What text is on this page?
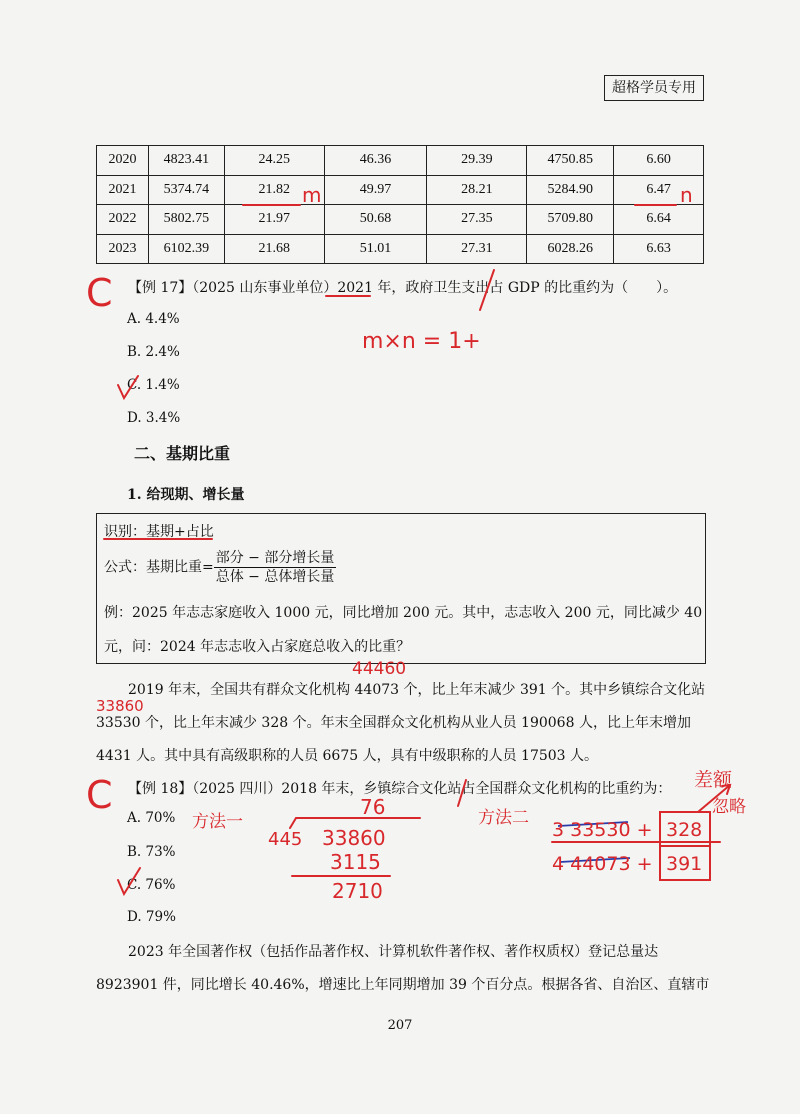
超格学员专用
2020	4823.41	24.25	46.36	29.39	4750.85	6.60
2021	5374.74	21.82	49.97	28.21	5284.90	6.47
2022	5802.75	21.97	50.68	27.35	5709.80	6.64
2023	6102.39	21.68	51.01	27.31	6028.26	6.63
【例 17】（2025 山东事业单位）2021 年，政府卫生支出占 GDP 的比重约为（　　）。
A. 4.4%
B. 2.4%
C. 1.4%
D. 3.4%
二、基期比重
1. 给现期、增长量
识别：基期+占比
公式：基期比重= $\frac{\text{部分 − 部分增长量}}{\text{总体 − 总体增长量}}$
例：2025 年志志家庭收入 1000 元，同比增加 200 元。其中，志志收入 200 元，同比减少 40
元，问：2024 年志志收入占家庭总收入的比重？
2019 年末，全国共有群众文化机构 44073 个，比上年末减少 391 个。其中乡镇综合文化站
33530 个，比上年末减少 328 个。年末全国群众文化机构从业人员 190068 人，比上年末增加
4431 人。其中具有高级职称的人员 6675 人，具有中级职称的人员 17503 人。
【例 18】（2025 四川）2018 年末，乡镇综合文化站占全国群众文化机构的比重约为：
A. 70%
B. 73%
C. 76%
D. 79%
2023 年全国著作权（包括作品著作权、计算机软件著作权、著作权质权）登记总量达
8923901 件，同比增长 40.46%，增速比上年同期增加 39 个百分点。根据各省、自治区、直辖市
207
C
C
m	n
m×n = 1+
44460
33860
方法一
76
445 33860
3115
2710
方法二
3 33530 + 328
4 44073 + 391
差额
忽略
